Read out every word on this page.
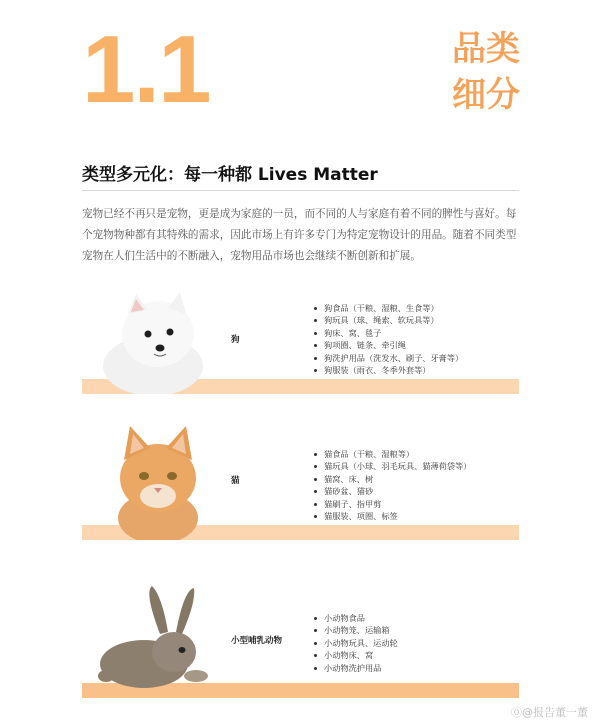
1.1	品类
细分
类型多元化：每一种都 Lives Matter
宠物已经不再只是宠物，更是成为家庭的一员，而不同的人与家庭有着不同的脾性与喜好。每个宠物物种都有其特殊的需求，因此市场上有许多专门为特定宠物设计的用品。随着不同类型宠物在人们生活中的不断融入，宠物用品市场也会继续不断创新和扩展。
狗
狗食品（干粮、湿粮、生食等）
狗玩具（球、绳索、软玩具等）
狗床、窝、毯子
狗项圈、链条、牵引绳
狗洗护用品（洗发水、刷子、牙膏等）
狗服装（雨衣、冬季外套等）
猫
猫食品（干粮、湿粮等）
猫玩具（小球、羽毛玩具、猫薄荷袋等）
猫窝、床、树
猫砂盆、猫砂
猫刷子、指甲剪
猫服装、项圈、标签
小型哺乳动物
小动物食品
小动物笼、运输箱
小动物玩具、运动轮
小动物床、窝
小动物洗护用品
⓪@报告董一董
